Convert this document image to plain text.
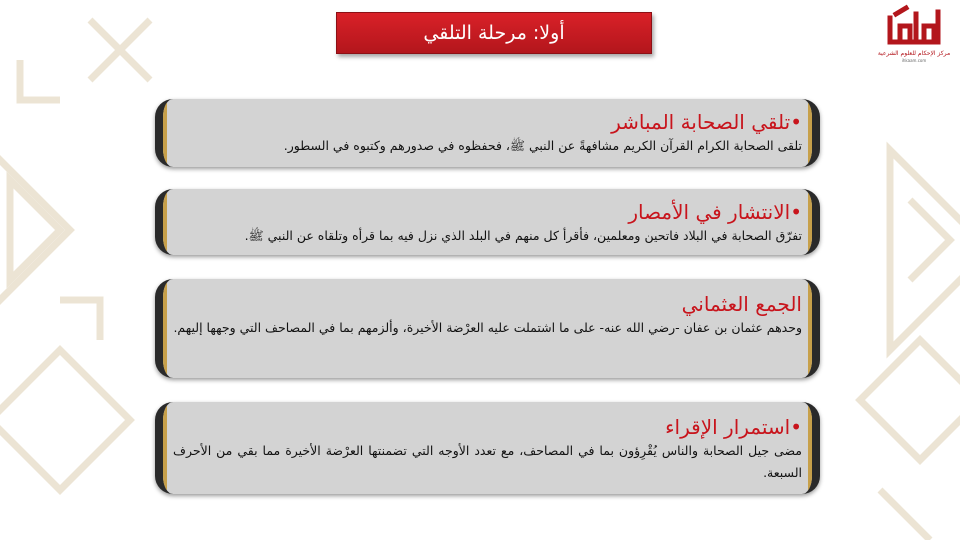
أولا: مرحلة التلقي
مركز الإحكام للعلوم الشرعية
ihkaam.com
•تلقي الصحابة المباشر
تلقى الصحابة الكرام القرآن الكريم مشافهةً عن النبي ﷺ، فحفظوه في صدورهم وكتبوه في السطور.
•الانتشار في الأمصار
تفرّق الصحابة في البلاد فاتحين ومعلمين، فأقرأ كل منهم في البلد الذي نزل فيه بما قرأه وتلقاه عن النبي ﷺ.
الجمع العثماني
وحدهم عثمان بن عفان -رضي الله عنه- على ما اشتملت عليه العرْضة الأخيرة، وألزمهم بما في المصاحف التي وجهها إليهم.
•استمرار الإقراء
مضى جيل الصحابة والناس يُقْرِؤون بما في المصاحف، مع تعدد الأوجه التي تضمنتها العرْضة الأخيرة مما بقي من الأحرف السبعة.
